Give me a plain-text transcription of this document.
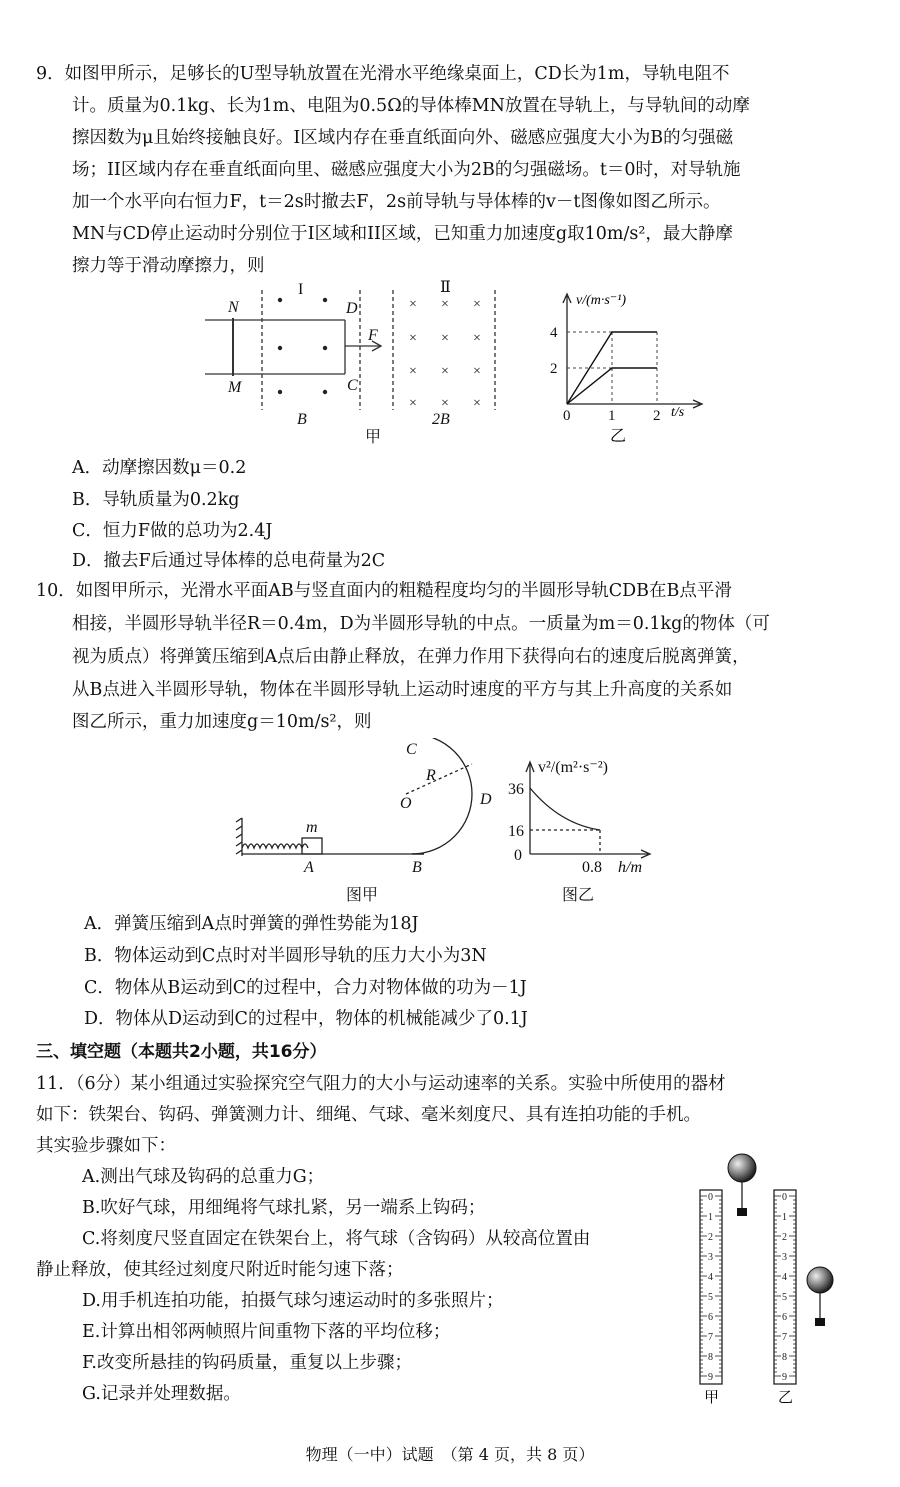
9．如图甲所示，足够长的U型导轨放置在光滑水平绝缘桌面上，CD长为1m，导轨电阻不
计。质量为0.1kg、长为1m、电阻为0.5Ω的导体棒MN放置在导轨上，与导轨间的动摩
擦因数为μ且始终接触良好。I区域内存在垂直纸面向外、磁感应强度大小为B的匀强磁
场；II区域内存在垂直纸面向里、磁感应强度大小为2B的匀强磁场。t＝0时，对导轨施
加一个水平向右恒力F，t＝2s时撤去F，2s前导轨与导体棒的v－t图像如图乙所示。
MN与CD停止运动时分别位于I区域和II区域，已知重力加速度g取10m/s²，最大静摩
擦力等于滑动摩擦力，则
× × ×
× × ×
× × ×
× × ×
I	Ⅱ
N
M
D
C
F
B	2B
甲
4
2
0	1	2
v/(m·s⁻¹)
t/s
乙
A．动摩擦因数μ＝0.2
B．导轨质量为0.2kg
C．恒力F做的总功为2.4J
D．撤去F后通过导体棒的总电荷量为2C
10．如图甲所示，光滑水平面AB与竖直面内的粗糙程度均匀的半圆形导轨CDB在B点平滑
相接，半圆形导轨半径R＝0.4m，D为半圆形导轨的中点。一质量为m＝0.1kg的物体（可
视为质点）将弹簧压缩到A点后由静止释放，在弹力作用下获得向右的速度后脱离弹簧，
从B点进入半圆形导轨，物体在半圆形导轨上运动时速度的平方与其上升高度的关系如
图乙所示，重力加速度g＝10m/s²，则
C
R
O	D
m
A	B
图甲
v²/(m²·s⁻²)
36
16
0
0.8 h/m
图乙
A．弹簧压缩到A点时弹簧的弹性势能为18J
B．物体运动到C点时对半圆形导轨的压力大小为3N
C．物体从B运动到C的过程中，合力对物体做的功为－1J
D．物体从D运动到C的过程中，物体的机械能减少了0.1J
三、填空题（本题共2小题，共16分）
11．（6分）某小组通过实验探究空气阻力的大小与运动速率的关系。实验中所使用的器材
如下：铁架台、钩码、弹簧测力计、细绳、气球、毫米刻度尺、具有连拍功能的手机。
其实验步骤如下：
A.测出气球及钩码的总重力G；
B.吹好气球，用细绳将气球扎紧，另一端系上钩码；
C.将刻度尺竖直固定在铁架台上，将气球（含钩码）从较高位置由
静止释放，使其经过刻度尺附近时能匀速下落；
D.用手机连拍功能，拍摄气球匀速运动时的多张照片；
E.计算出相邻两帧照片间重物下落的平均位移；
F.改变所悬挂的钩码质量，重复以上步骤；
G.记录并处理数据。
0
1
2
3
4
5
6
7
8
9
0
1
2
3
4
5
6
7
8
9
甲	乙
物理（一中）试题　（第 4 页，共 8 页）
